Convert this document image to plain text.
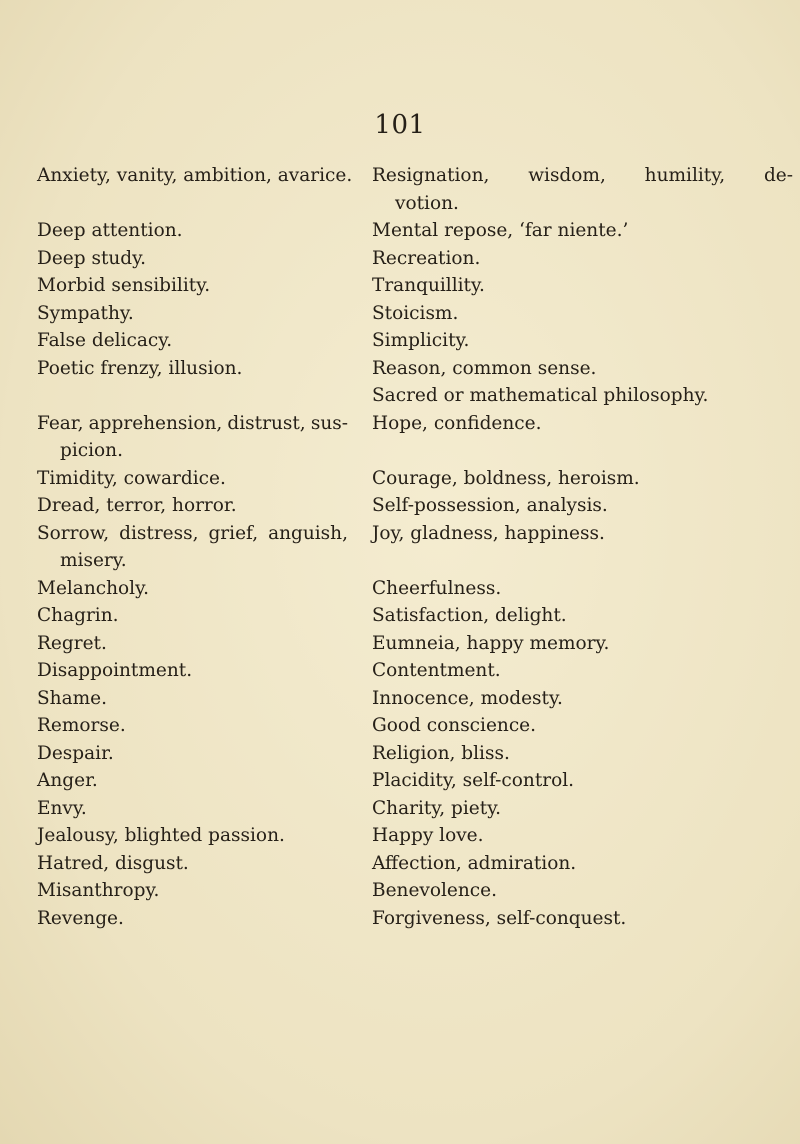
101
Anxiety, vanity, ambition, avarice.
Deep attention.
Deep study.
Morbid sensibility.
Sympathy.
False delicacy.
Poetic frenzy, illusion.
Fear, apprehension, distrust, sus-
picion.
Timidity, cowardice.
Dread, terror, horror.
Sorrow, distress, grief, anguish,
misery.
Melancholy.
Chagrin.
Regret.
Disappointment.
Shame.
Remorse.
Despair.
Anger.
Envy.
Jealousy, blighted passion.
Hatred, disgust.
Misanthropy.
Revenge.
Resignation, wisdom, humility, de-
votion.
Mental repose, ‘far niente.’
Recreation.
Tranquillity.
Stoicism.
Simplicity.
Reason, common sense.
Sacred or mathematical philosophy.
Hope, confidence.
Courage, boldness, heroism.
Self-possession, analysis.
Joy, gladness, happiness.
Cheerfulness.
Satisfaction, delight.
Eumneia, happy memory.
Contentment.
Innocence, modesty.
Good conscience.
Religion, bliss.
Placidity, self-control.
Charity, piety.
Happy love.
Affection, admiration.
Benevolence.
Forgiveness, self-conquest.
